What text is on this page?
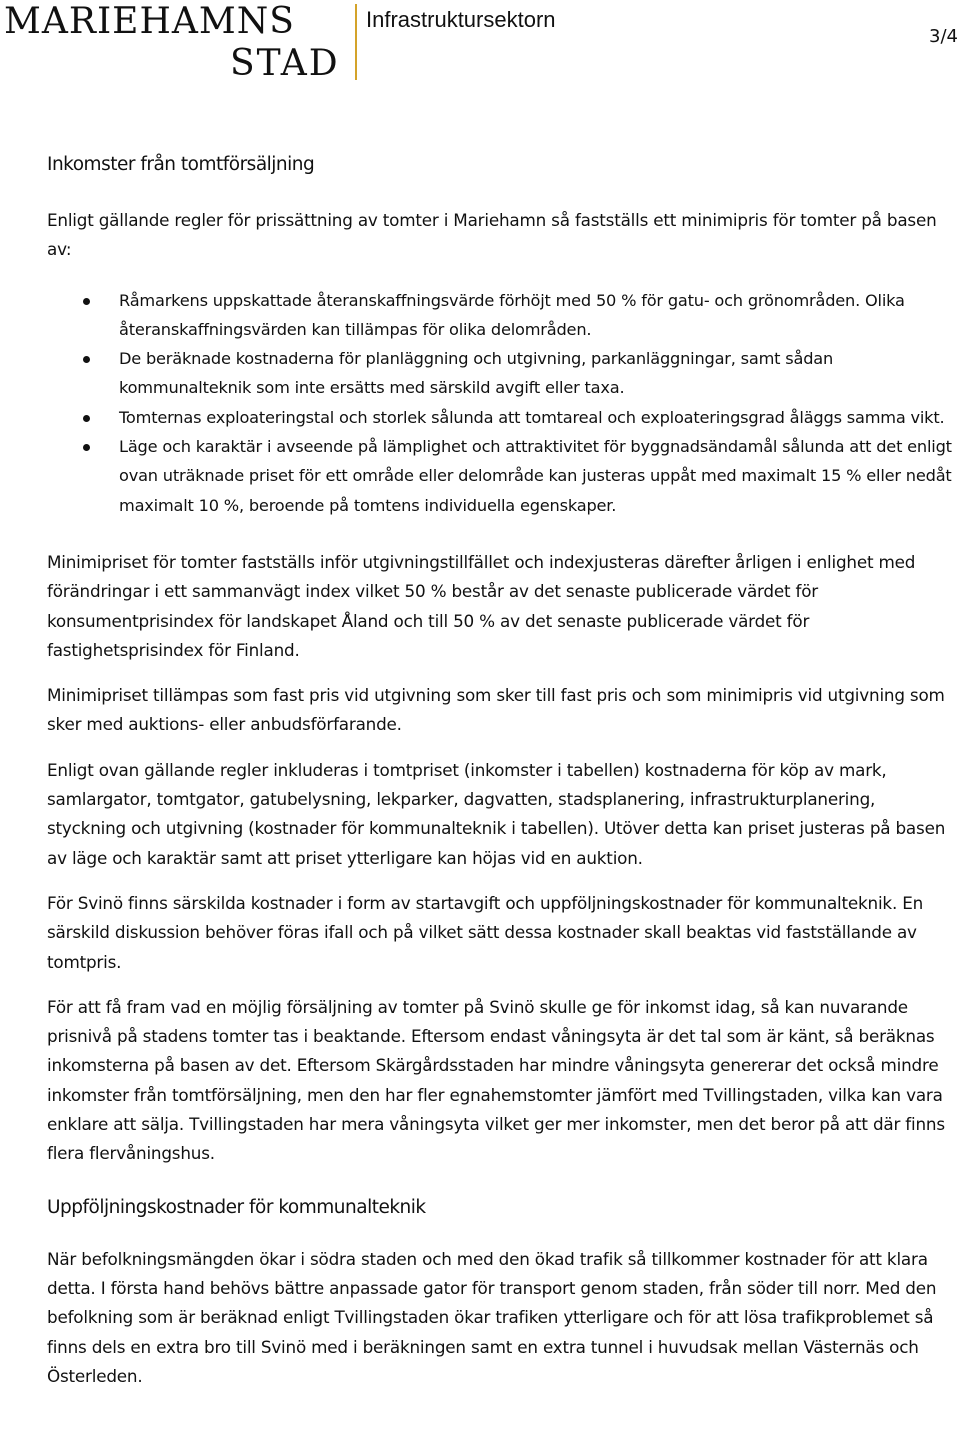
MARIEHAMNS
STAD
Infrastruktursektorn
3/4
Inkomster från tomtförsäljning

Enligt gällande regler för prissättning av tomter i Mariehamn så fastställs ett minimipris för tomter på basen av:

Råmarkens uppskattade återanskaffningsvärde förhöjt med 50 % för gatu- och grönområden. Olika återanskaffningsvärden kan tillämpas för olika delområden.
De beräknade kostnaderna för planläggning och utgivning, parkanläggningar, samt sådan kommunalteknik som inte ersätts med särskild avgift eller taxa.
Tomternas exploateringstal och storlek sålunda att tomtareal och exploateringsgrad åläggs samma vikt.
Läge och karaktär i avseende på lämplighet och attraktivitet för byggnadsändamål sålunda att det enligt ovan uträknade priset för ett område eller delområde kan justeras uppåt med maximalt 15 % eller nedåt maximalt 10 %, beroende på tomtens individuella egenskaper.

Minimipriset för tomter fastställs inför utgivningstillfället och indexjusteras därefter årligen i enlighet med förändringar i ett sammanvägt index vilket 50 % består av det senaste publicerade värdet för konsumentprisindex för landskapet Åland och till 50 % av det senaste publicerade värdet för fastighetsprisindex för Finland.

Minimipriset tillämpas som fast pris vid utgivning som sker till fast pris och som minimipris vid utgivning som sker med auktions- eller anbudsförfarande.

Enligt ovan gällande regler inkluderas i tomtpriset (inkomster i tabellen) kostnaderna för köp av mark, samlargator, tomtgator, gatubelysning, lekparker, dagvatten, stadsplanering, infrastrukturplanering, styckning och utgivning (kostnader för kommunalteknik i tabellen). Utöver detta kan priset justeras på basen av läge och karaktär samt att priset ytterligare kan höjas vid en auktion.

För Svinö finns särskilda kostnader i form av startavgift och uppföljningskostnader för kommunalteknik. En särskild diskussion behöver föras ifall och på vilket sätt dessa kostnader skall beaktas vid fastställande av tomtpris.

För att få fram vad en möjlig försäljning av tomter på Svinö skulle ge för inkomst idag, så kan nuvarande prisnivå på stadens tomter tas i beaktande. Eftersom endast våningsyta är det tal som är känt, så beräknas inkomsterna på basen av det. Eftersom Skärgårdsstaden har mindre våningsyta genererar det också mindre inkomster från tomtförsäljning, men den har fler egnahemstomter jämfört med Tvillingstaden, vilka kan vara enklare att sälja. Tvillingstaden har mera våningsyta vilket ger mer inkomster, men det beror på att där finns flera flervåningshus.

Uppföljningskostnader för kommunalteknik

När befolkningsmängden ökar i södra staden och med den ökad trafik så tillkommer kostnader för att klara detta. I första hand behövs bättre anpassade gator för transport genom staden, från söder till norr. Med den befolkning som är beräknad enligt Tvillingstaden ökar trafiken ytterligare och för att lösa trafikproblemet så finns dels en extra bro till Svinö med i beräkningen samt en extra tunnel i huvudsak mellan Västernäs och Österleden.
